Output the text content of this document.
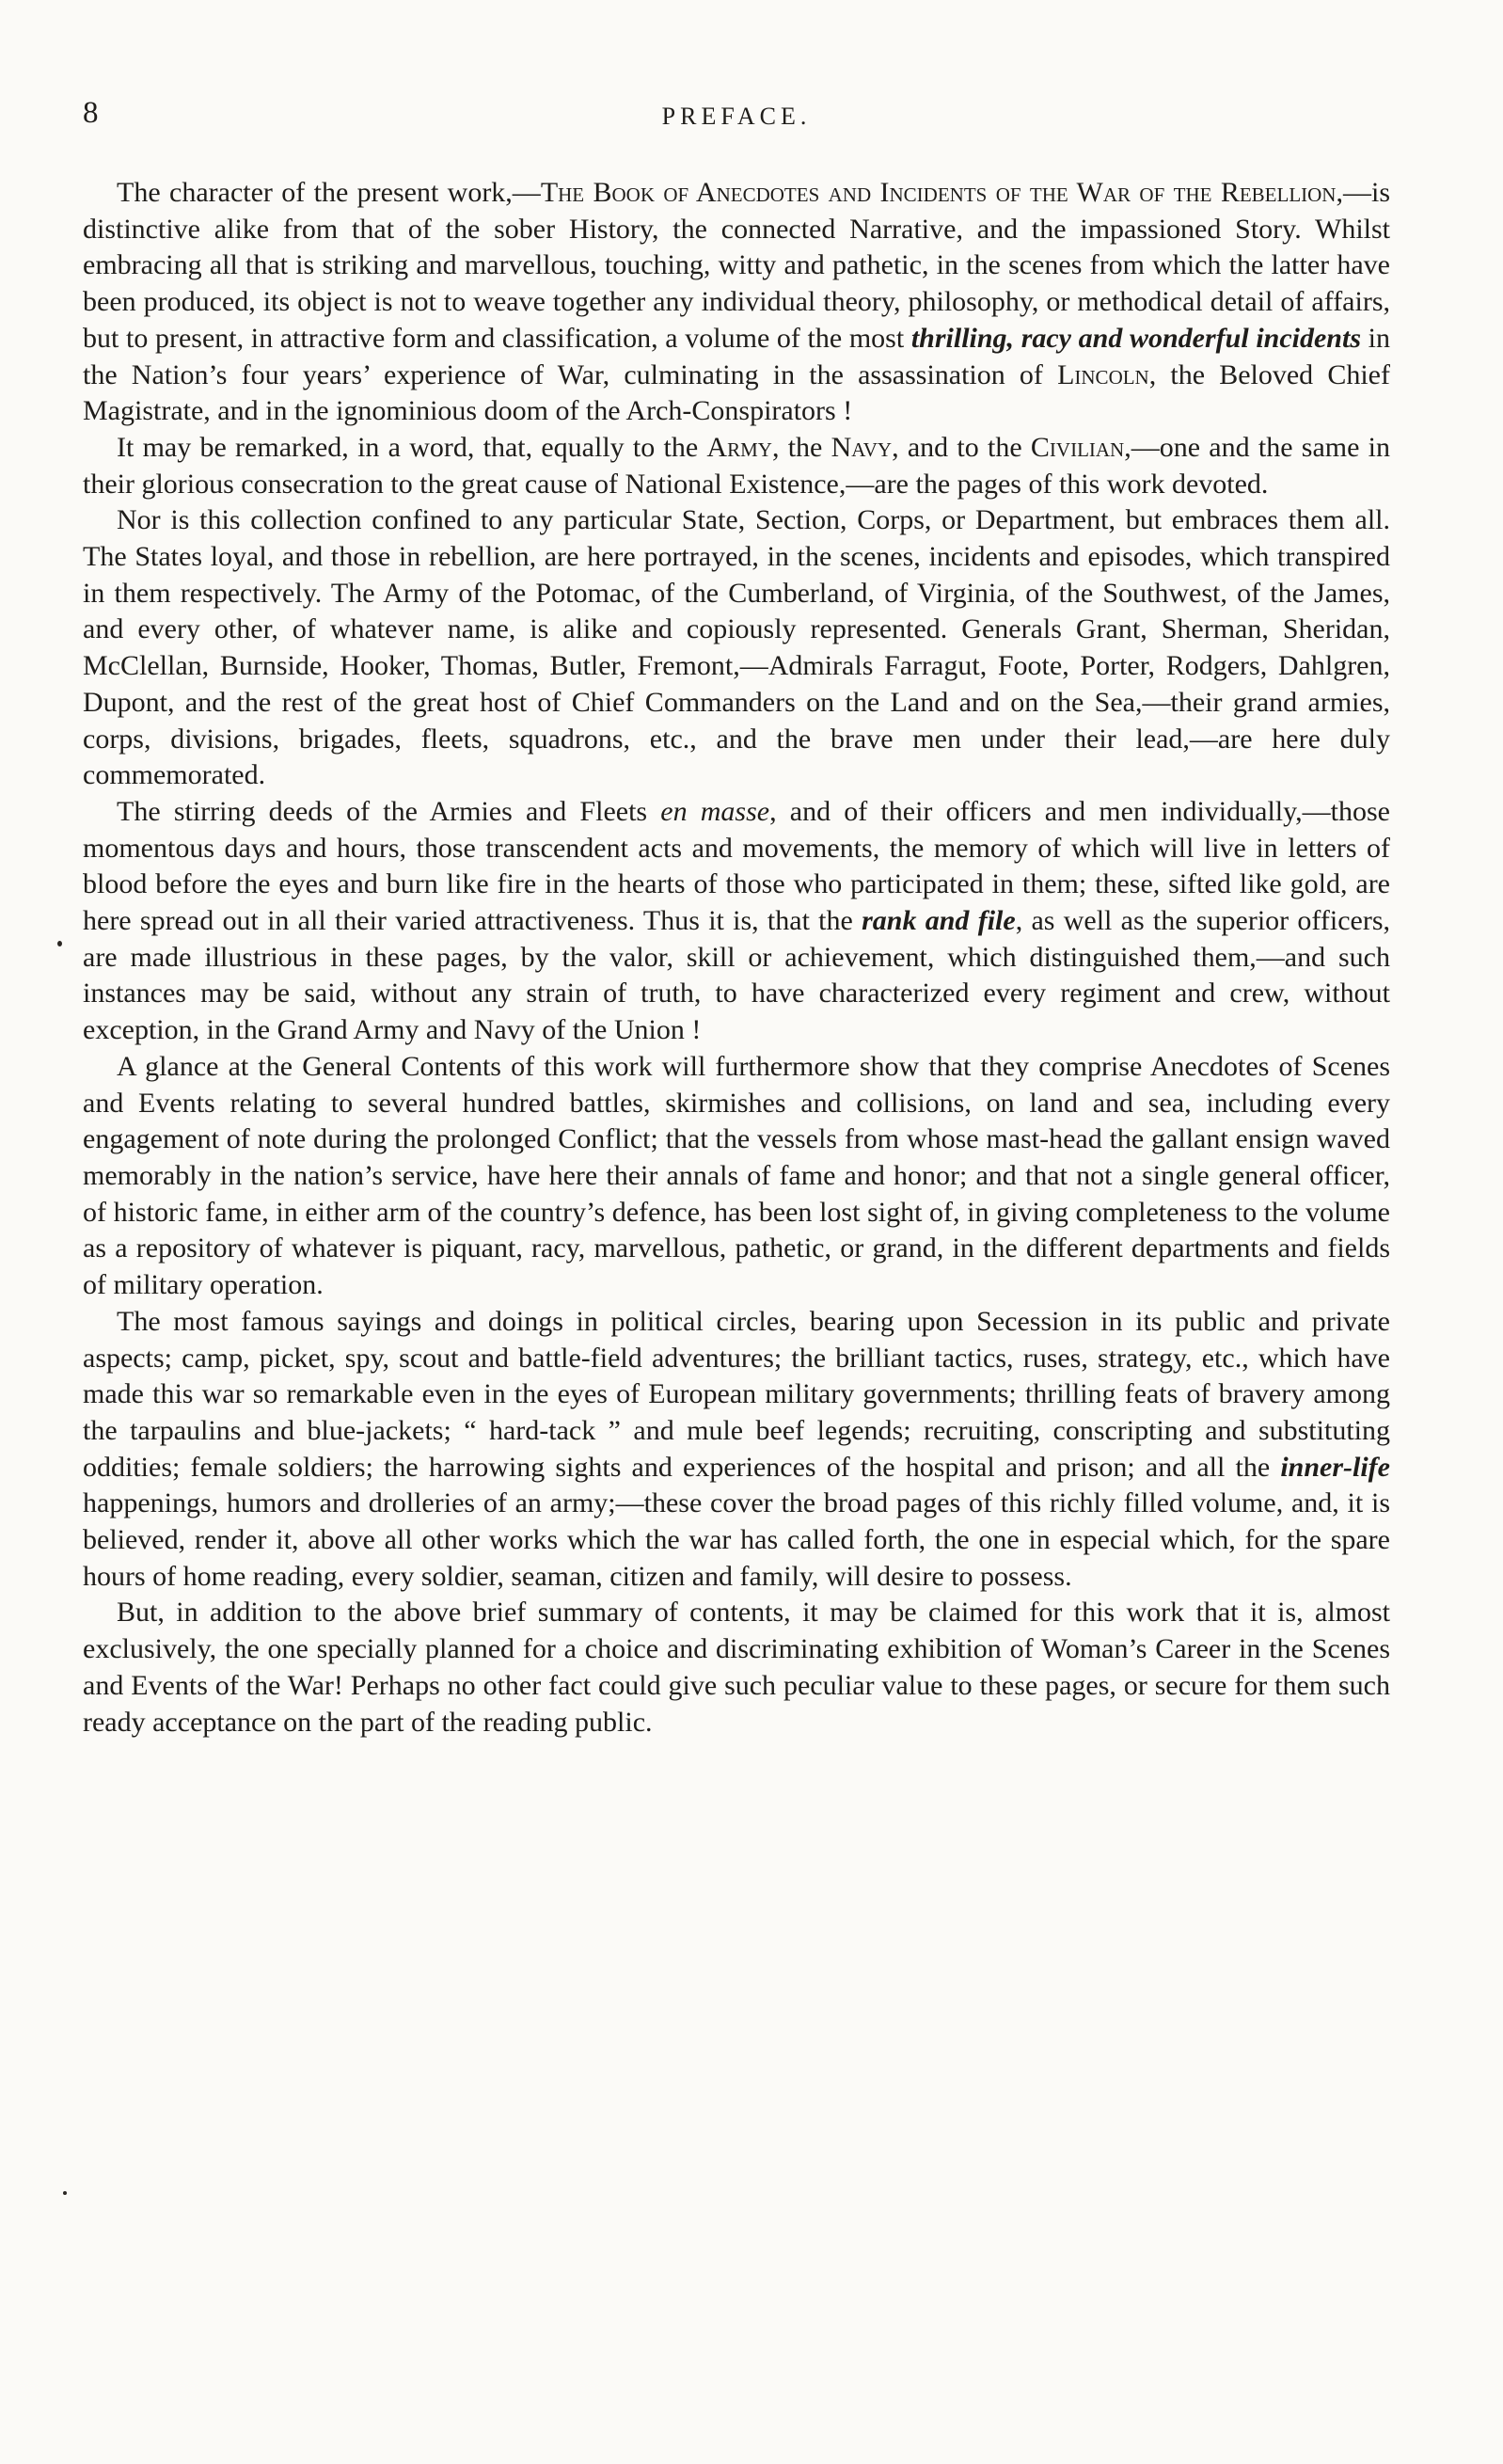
8	PREFACE.

The character of the present work,—The Book of Anecdotes and Incidents of the War of the Rebellion,—is distinctive alike from that of the sober History, the connected Narrative, and the impassioned Story. Whilst embracing all that is striking and marvellous, touching, witty and pathetic, in the scenes from which the latter have been produced, its object is not to weave together any individual theory, philosophy, or methodical detail of affairs, but to present, in attractive form and classification, a volume of the most thrilling, racy and wonderful incidents in the Nation’s four years’ experience of War, culminating in the assassination of Lincoln, the Beloved Chief Magistrate, and in the ignominious doom of the Arch-Conspirators !

It may be remarked, in a word, that, equally to the Army, the Navy, and to the Civilian,—one and the same in their glorious consecration to the great cause of National Existence,—are the pages of this work devoted.

Nor is this collection confined to any particular State, Section, Corps, or Department, but embraces them all. The States loyal, and those in rebellion, are here portrayed, in the scenes, incidents and episodes, which transpired in them respectively. The Army of the Potomac, of the Cumberland, of Virginia, of the Southwest, of the James, and every other, of whatever name, is alike and copiously represented. Generals Grant, Sherman, Sheridan, McClellan, Burnside, Hooker, Thomas, Butler, Fremont,—Admirals Farragut, Foote, Porter, Rodgers, Dahlgren, Dupont, and the rest of the great host of Chief Commanders on the Land and on the Sea,—their grand armies, corps, divisions, brigades, fleets, squadrons, etc., and the brave men under their lead,—are here duly commemorated.

The stirring deeds of the Armies and Fleets en masse, and of their officers and men individually,—those momentous days and hours, those transcendent acts and movements, the memory of which will live in letters of blood before the eyes and burn like fire in the hearts of those who participated in them; these, sifted like gold, are here spread out in all their varied attractiveness. Thus it is, that the rank and file, as well as the superior officers, are made illustrious in these pages, by the valor, skill or achievement, which distinguished them,—and such instances may be said, without any strain of truth, to have characterized every regiment and crew, without exception, in the Grand Army and Navy of the Union !

A glance at the General Contents of this work will furthermore show that they comprise Anecdotes of Scenes and Events relating to several hundred battles, skirmishes and collisions, on land and sea, including every engagement of note during the prolonged Conflict; that the vessels from whose mast-head the gallant ensign waved memorably in the nation’s service, have here their annals of fame and honor; and that not a single general officer, of historic fame, in either arm of the country’s defence, has been lost sight of, in giving completeness to the volume as a repository of whatever is piquant, racy, marvellous, pathetic, or grand, in the different departments and fields of military operation.

The most famous sayings and doings in political circles, bearing upon Secession in its public and private aspects; camp, picket, spy, scout and battle-field adventures; the brilliant tactics, ruses, strategy, etc., which have made this war so remarkable even in the eyes of European military governments; thrilling feats of bravery among the tarpaulins and blue-jackets; “ hard-tack ” and mule beef legends; recruiting, conscripting and substituting oddities; female soldiers; the harrowing sights and experiences of the hospital and prison; and all the inner-life happenings, humors and drolleries of an army;—these cover the broad pages of this richly filled volume, and, it is believed, render it, above all other works which the war has called forth, the one in especial which, for the spare hours of home reading, every soldier, seaman, citizen and family, will desire to possess.

But, in addition to the above brief summary of contents, it may be claimed for this work that it is, almost exclusively, the one specially planned for a choice and discriminating exhibition of Woman’s Career in the Scenes and Events of the War! Perhaps no other fact could give such peculiar value to these pages, or secure for them such ready acceptance on the part of the reading public.
